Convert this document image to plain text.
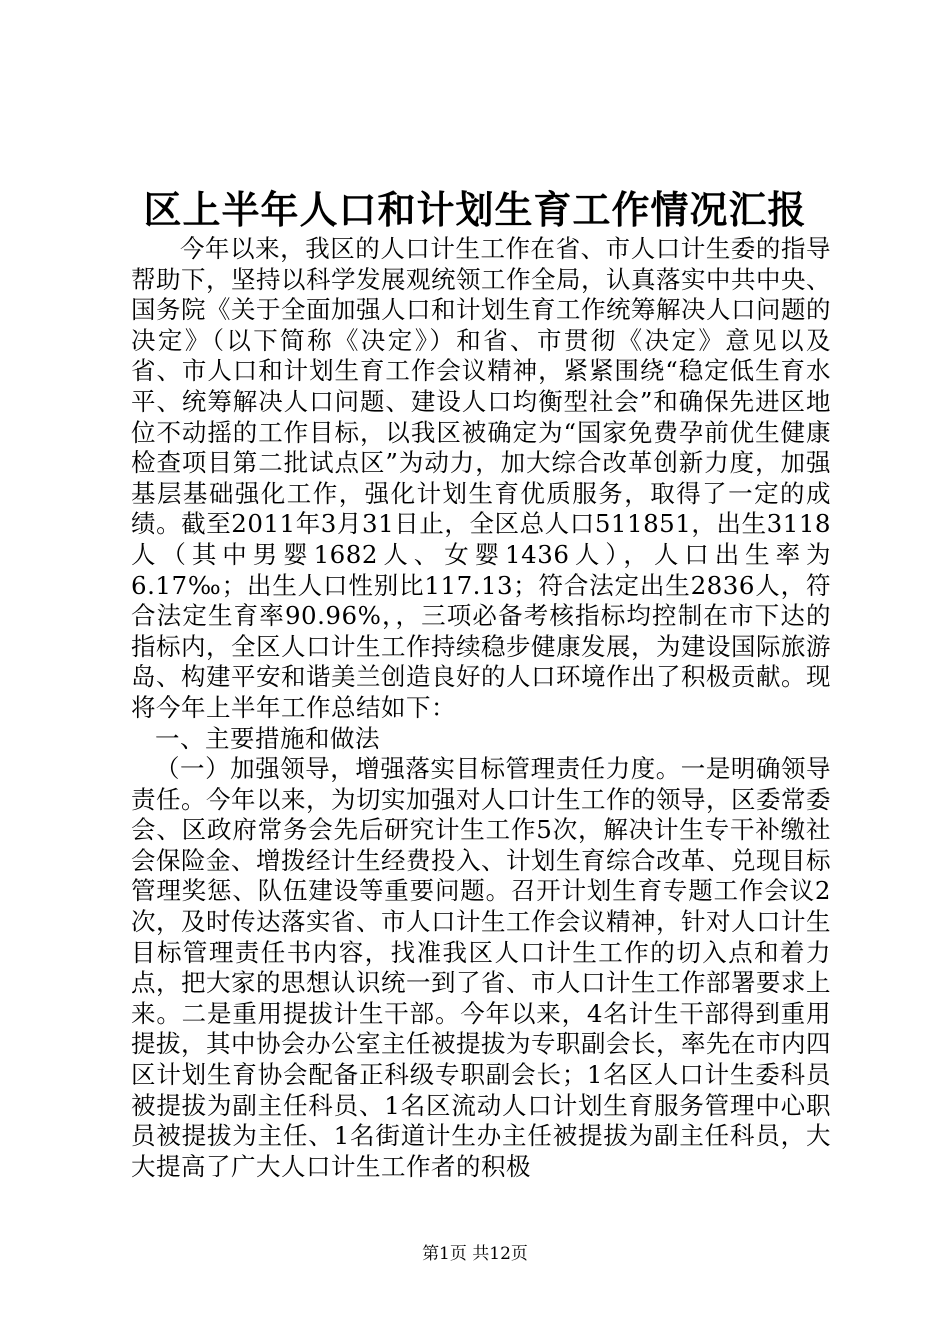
区上半年人口和计划生育工作情况汇报

今年以来，我区的人口计生工作在省、市人口计生委的指导帮助下，坚持以科学发展观统领工作全局，认真落实中共中央、国务院《关于全面加强人口和计划生育工作统筹解决人口问题的决定》（以下简称《决定》）和省、市贯彻《决定》意见以及省、市人口和计划生育工作会议精神，紧紧围绕“稳定低生育水平、统筹解决人口问题、建设人口均衡型社会”和确保先进区地位不动摇的工作目标，以我区被确定为“国家免费孕前优生健康检查项目第二批试点区”为动力，加大综合改革创新力度，加强基层基础强化工作，强化计划生育优质服务，取得了一定的成绩。截至2011年3月31日止，全区总人口511851，出生3118人（其中男婴1682人、女婴1436人），人口出生率为6.17‰；出生人口性别比117.13；符合法定出生2836人，符合法定生育率90.96%，，三项必备考核指标均控制在市下达的指标内，全区人口计生工作持续稳步健康发展，为建设国际旅游岛、构建平安和谐美兰创造良好的人口环境作出了积极贡献。现将今年上半年工作总结如下：

一、主要措施和做法

（一）加强领导，增强落实目标管理责任力度。一是明确领导责任。今年以来，为切实加强对人口计生工作的领导，区委常委会、区政府常务会先后研究计生工作5次，解决计生专干补缴社会保险金、增拨经计生经费投入、计划生育综合改革、兑现目标管理奖惩、队伍建设等重要问题。召开计划生育专题工作会议2次，及时传达落实省、市人口计生工作会议精神，针对人口计生目标管理责任书内容，找准我区人口计生工作的切入点和着力点，把大家的思想认识统一到了省、市人口计生工作部署要求上来。二是重用提拔计生干部。今年以来，4名计生干部得到重用提拔，其中协会办公室主任被提拔为专职副会长，率先在市内四区计划生育协会配备正科级专职副会长；1名区人口计生委科员被提拔为副主任科员、1名区流动人口计划生育服务管理中心职员被提拔为主任、1名街道计生办主任被提拔为副主任科员，大大提高了广大人口计生工作者的积极

第1页 共12页
